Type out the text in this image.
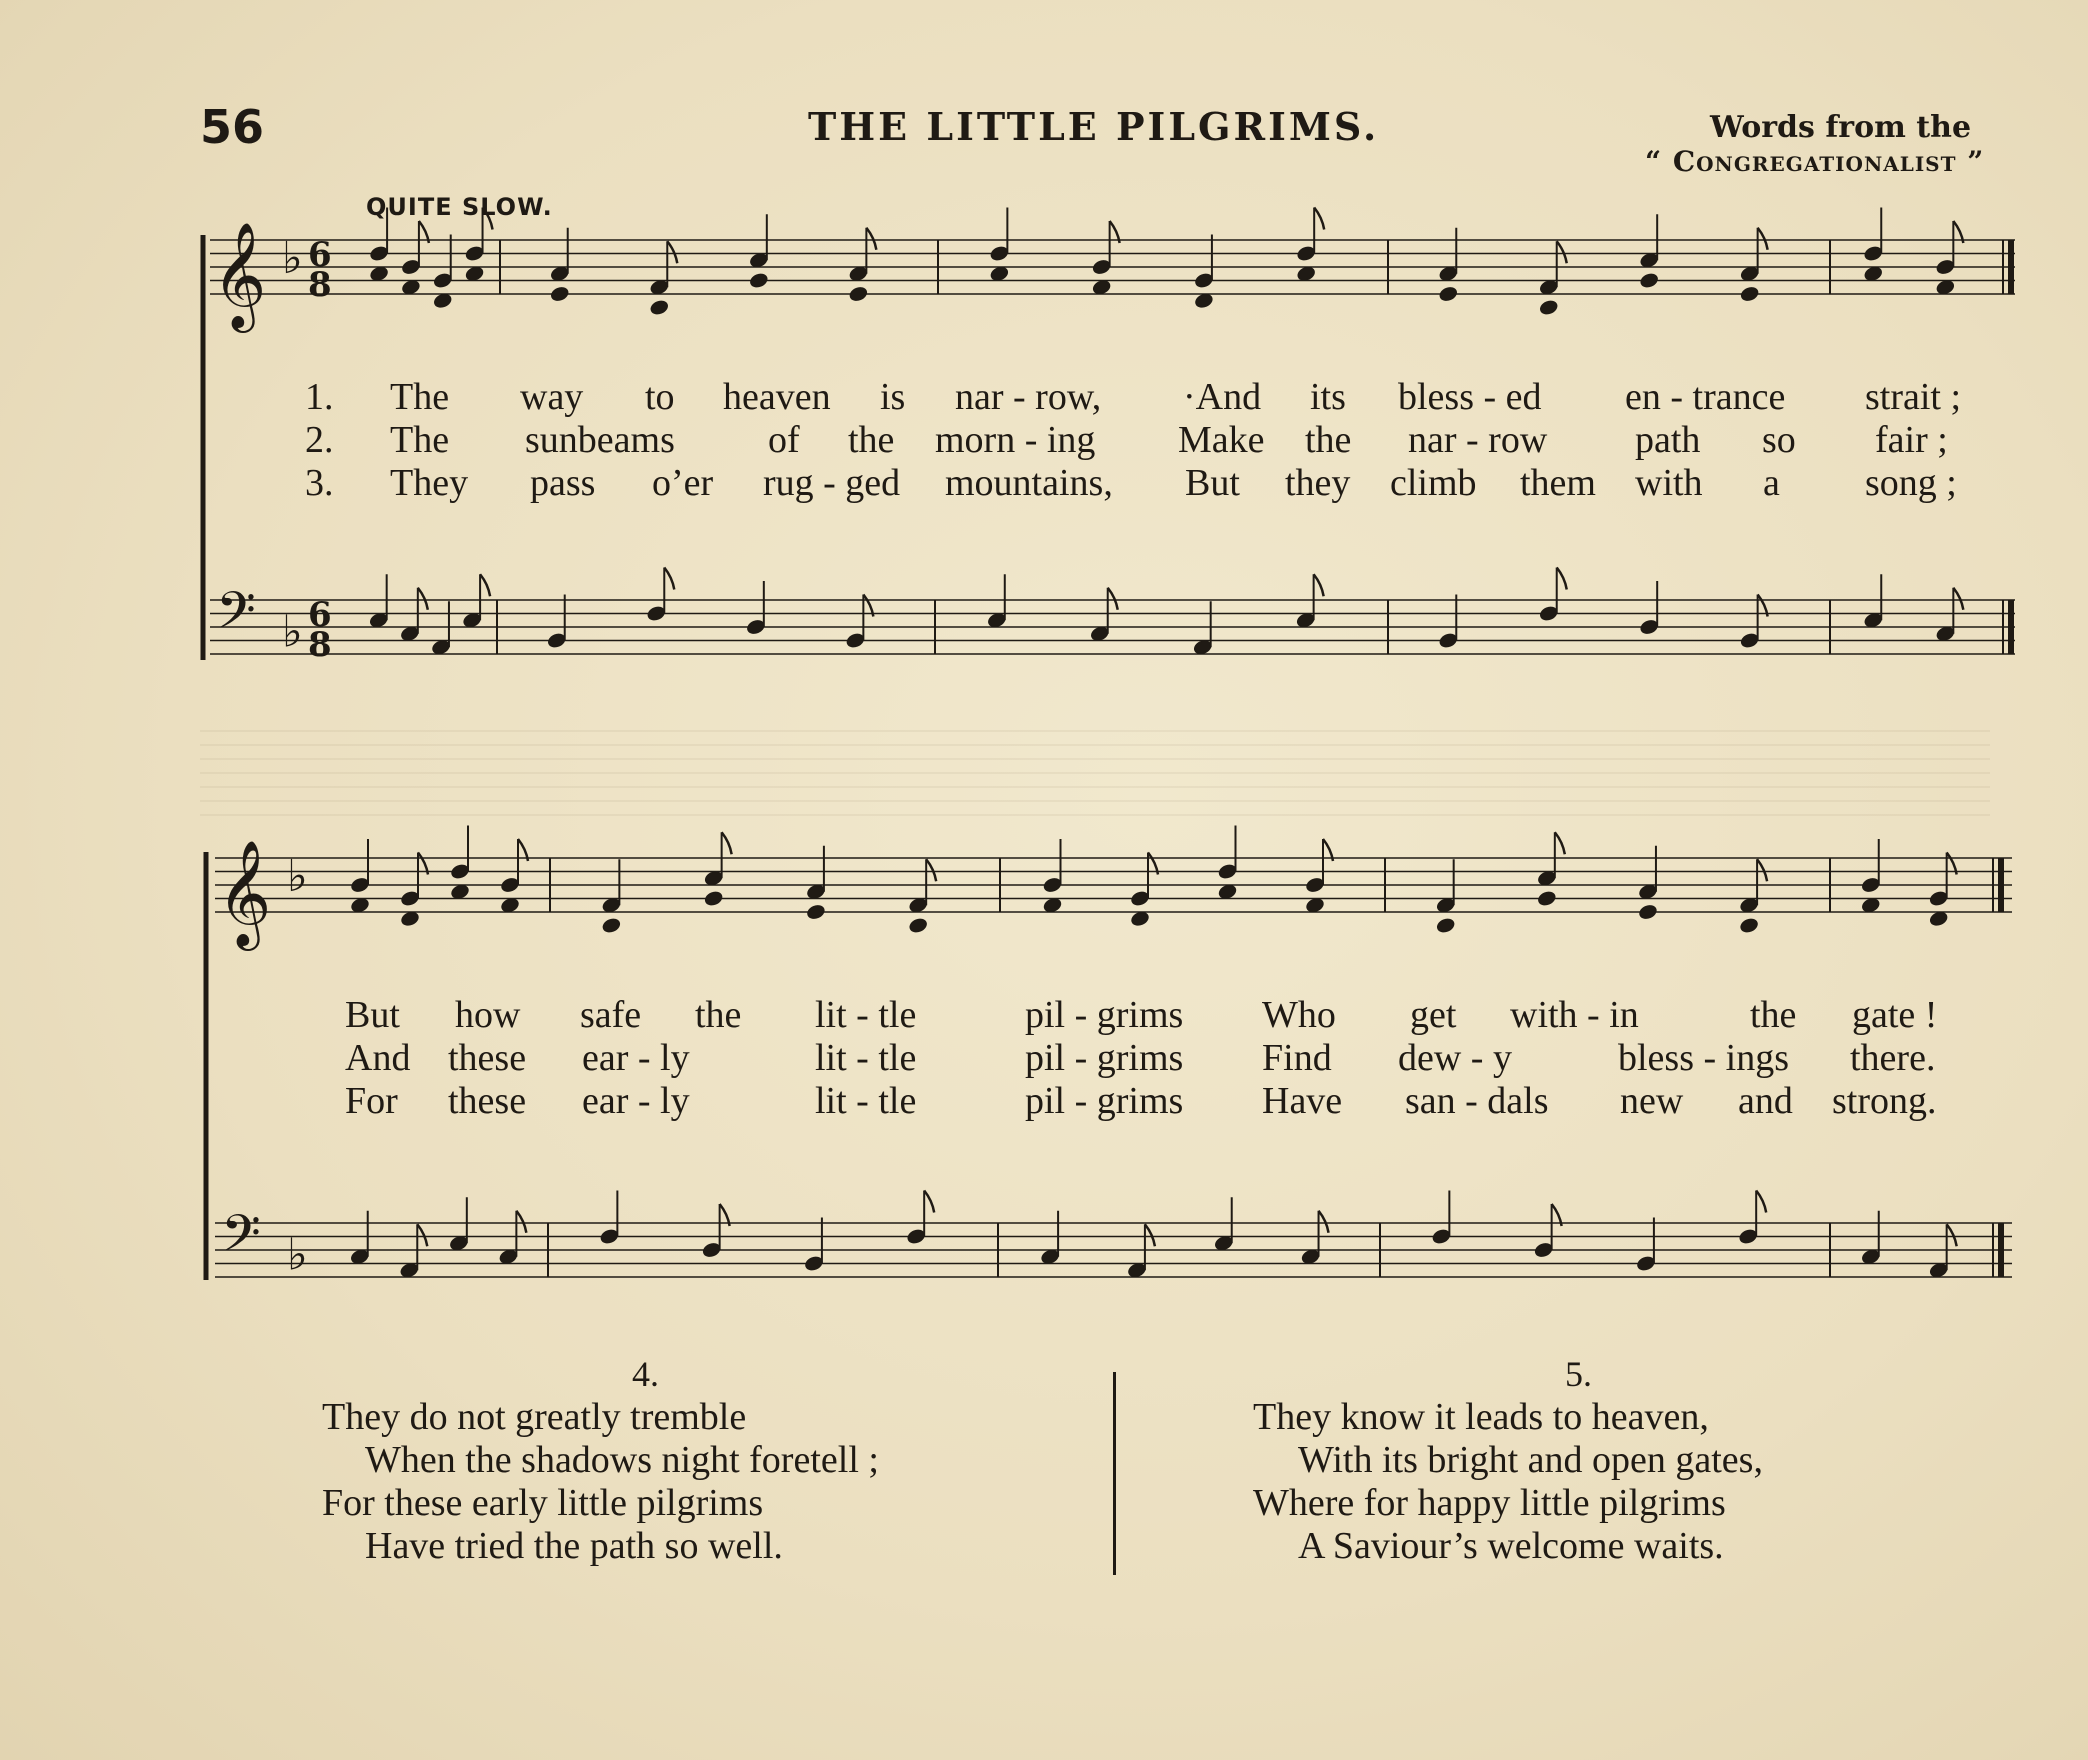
56	THE LITTLE PILGRIMS.	Words from the
“ Congregationalist ”
QUITE SLOW.
𝄞 ♭ 6
8
𝄢 ♭ 6
8
𝄞 ♭
𝄢 ♭
1. The way to heaven is nar - row, ·And its bless - ed en - trance strait ;
2. The sunbeams of the morn - ing Make the nar - row path so fair ;
3. They pass o’er rug - ged mountains, But they climb them with a song ;
But how safe the lit - tle	pil - grims Who get with - in	the gate !
And these ear - ly	lit - tle	pil - grims Find dew - y	bless - ings there.
For these ear - ly	lit - tle	pil - grims Have san - dals new and strong.
4.
They do not greatly tremble
When the shadows night foretell ;
For these early little pilgrims
Have tried the path so well.
5.
They know it leads to heaven,
With its bright and open gates,
Where for happy little pilgrims
A Saviour’s welcome waits.
